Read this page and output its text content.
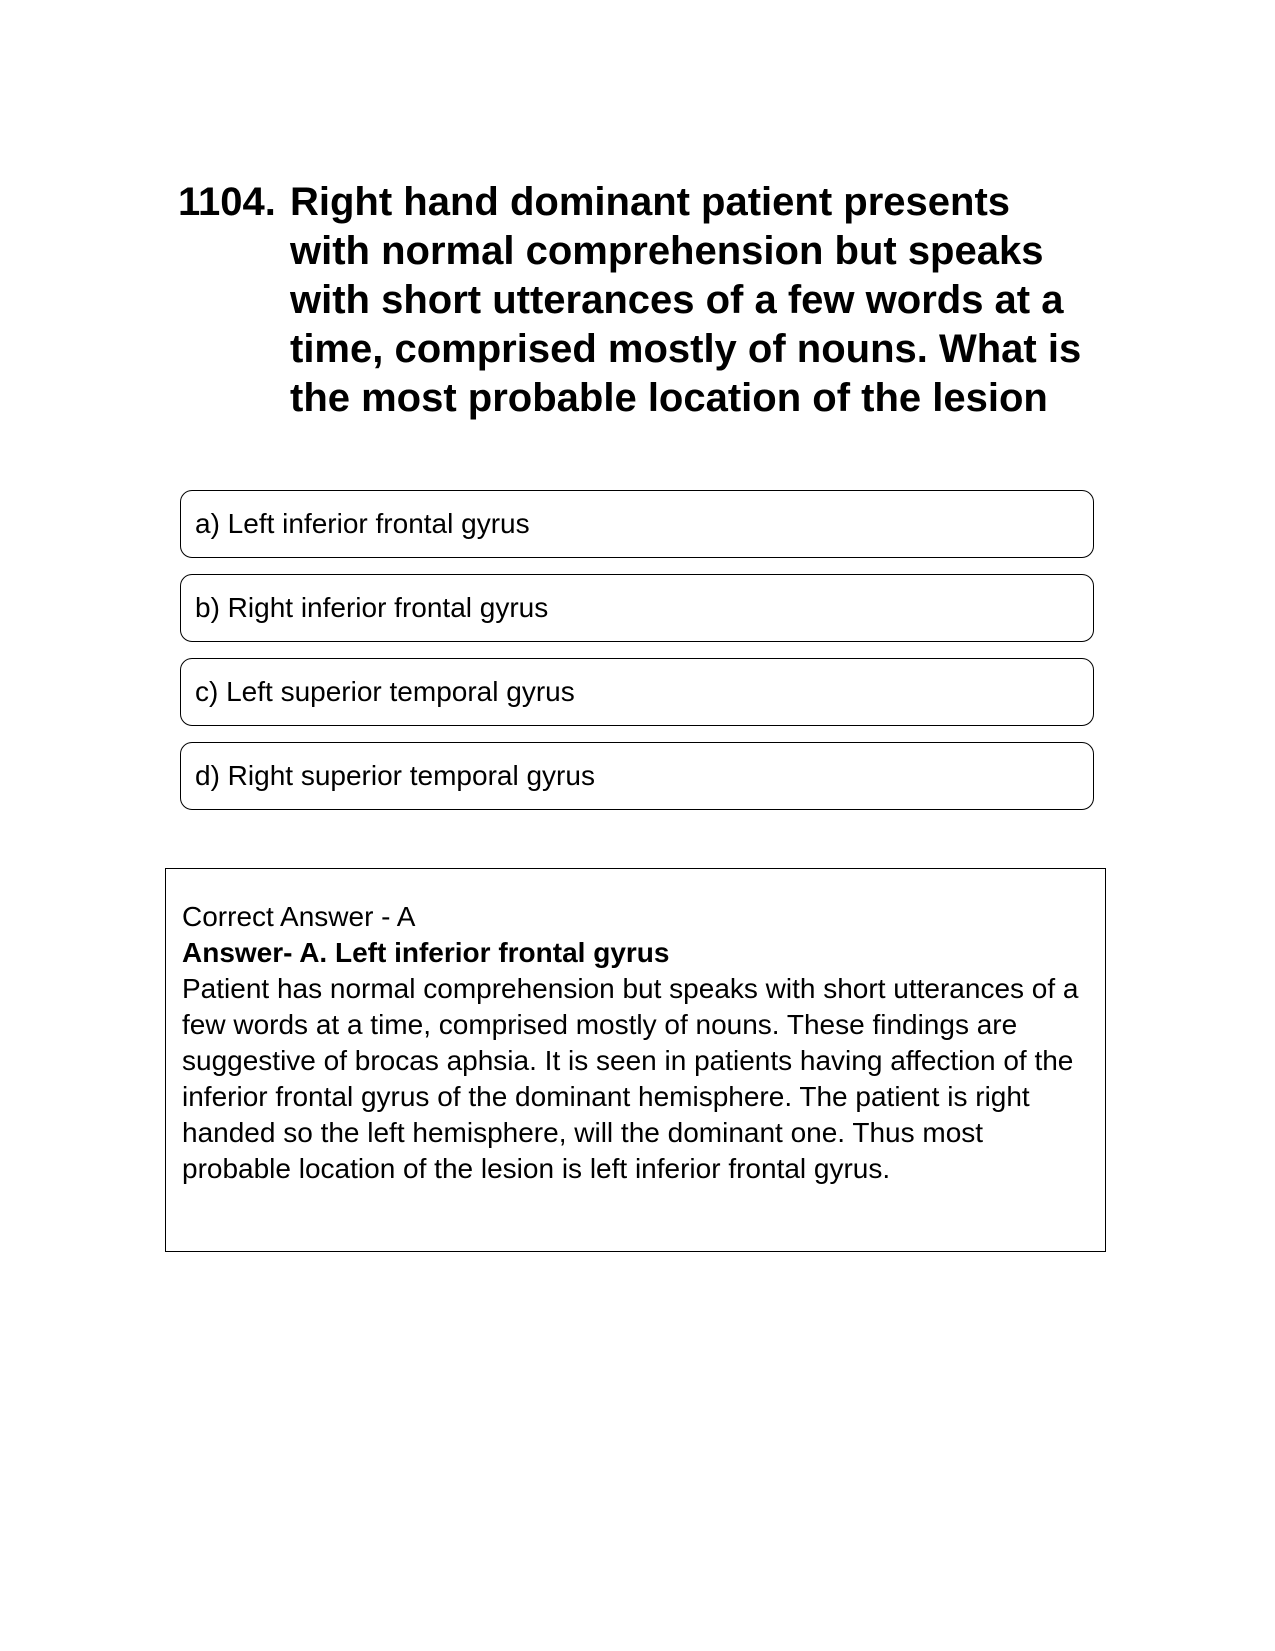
1104. Right hand dominant patient presents with normal comprehension but speaks with short utterances of a few words at a time, comprised mostly of nouns. What is the most probable location of the lesion
a) Left inferior frontal gyrus
b) Right inferior frontal gyrus
c) Left superior temporal gyrus
d) Right superior temporal gyrus
Correct Answer - A
Answer- A. Left inferior frontal gyrus
Patient has normal comprehension but speaks with short utterances of a few words at a time, comprised mostly of nouns. These findings are suggestive of brocas aphsia. It is seen in patients having affection of the inferior frontal gyrus of the dominant hemisphere. The patient is right handed so the left hemisphere, will the dominant one. Thus most probable location of the lesion is left inferior frontal gyrus.
